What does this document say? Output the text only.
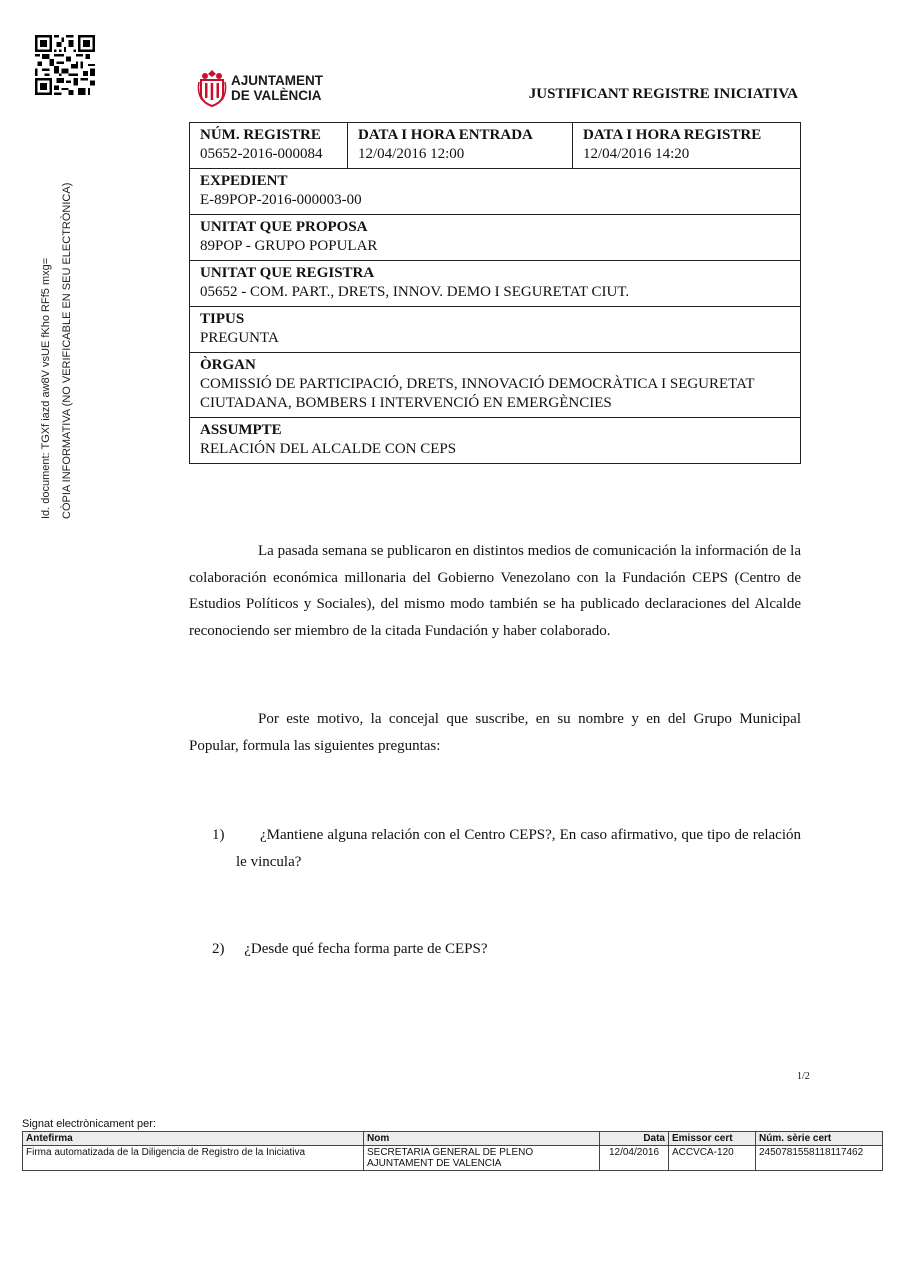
AJUNTAMENT
DE VALÈNCIA	JUSTIFICANT REGISTRE INICIATIVA
Id. document: TGXf iazd aw8V vsUE fKho RFf5 mxg= CÒPIA INFORMATIVA (NO VERIFICABLE EN SEU ELECTRÒNICA)
NÚM. REGISTRE
05652-2016-000084	
DATA I HORA ENTRADA
12/04/2016 12:00	
DATA I HORA REGISTRE
12/04/2016 14:20

EXPEDIENT
E-89POP-2016-000003-00

UNITAT QUE PROPOSA
89POP - GRUPO POPULAR

UNITAT QUE REGISTRA
05652 - COM. PART., DRETS, INNOV. DEMO I SEGURETAT CIUT.

TIPUS
PREGUNTA

ÒRGAN
COMISSIÓ DE PARTICIPACIÓ, DRETS, INNOVACIÓ DEMOCRÀTICA I SEGURETAT CIUTADANA, BOMBERS I INTERVENCIÓ EN EMERGÈNCIES

ASSUMPTE
RELACIÓN DEL ALCALDE CON CEPS

La pasada semana se publicaron en distintos medios de comunicación la información de la colaboración económica millonaria del Gobierno Venezolano con la Fundación CEPS (Centro de Estudios Políticos y Sociales), del mismo modo también se ha publicado declaraciones del Alcalde reconociendo ser miembro de la citada Fundación y haber colaborado.

Por este motivo, la concejal que suscribe, en su nombre y en del Grupo Municipal Popular, formula las siguientes preguntas:

1)	¿Mantiene alguna relación con el Centro CEPS?, En caso afirmativo, que tipo de relación le vincula?
2) ¿Desde qué fecha forma parte de CEPS?
1/2
Signat electrònicament per:
Antefirma	Nom	Data	Emissor cert	Núm. sèrie cert
Firma automatizada de la Diligencia de Registro de la Iniciativa	SECRETARIA GENERAL DE PLENO
AJUNTAMENT DE VALENCIA	12/04/2016	ACCVCA-120	2450781558118117462
